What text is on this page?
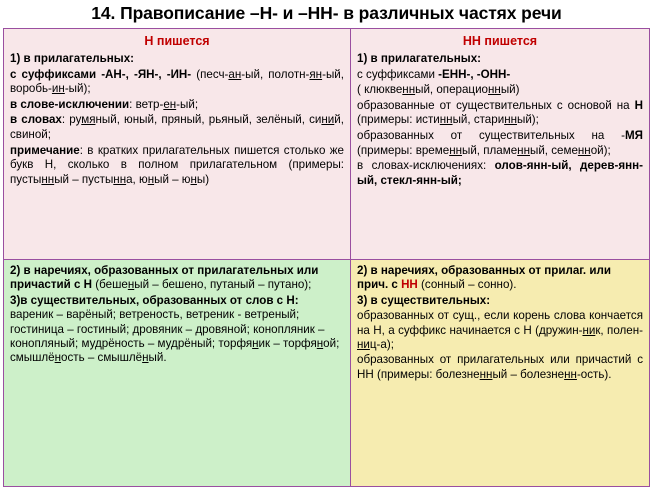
14. Правописание –Н- и –НН- в различных частях речи
Н пишется

1) в прилагательных:

с суффиксами -АН-, -ЯН-, -ИН- (песч-ан-ый, полотн-ян-ый, воробь-ин-ый);

в слове-исключении: ветр-ен-ый;

в словах: румяный, юный, пряный, рьяный, зелёный, синий, свиной;

примечание: в кратких прилагательных пишется столько же букв Н, сколько в полном прилагательном (примеры: пустынный – пустынна, юный – юны)

НН пишется

1) в прилагательных:

с суффиксами -ЕНН-, -ОНН-

( клюквенный, операционный)

образованные от существительных с основой на Н (примеры: истинный, старинный);

образованных от существительных на -МЯ (примеры: вреᴍенный, плаᴍенный, семенной);

в словах-исключениях: олов-янн-ый, дерев-янн-ый, стекл-янн-ый;

2) в наречиях, образованных от прилагательных или причастий с Н (бешеный – бешено, путаный – путано);

3)в существительных, образованных от слов с Н: вареник – варёный; ветреность, ветреник - ветреный; гостиница – гостиный; дровяник – дровяной; конопляник – конопляный; мудрёность – мудрёный; торфяник – торфяной; смышлёность – смышлёный.

2) в наречиях, образованных от прилаг. или прич. с НН (сонный – сонно).

3) в существительных:

образованных от сущ., если корень слова кончается на Н, а суффикс начинается с Н (дружин-ник, полен-ниц-а);

образованных от прилагательных или причастий с НН (примеры: болезненный – болезненн-ость).
